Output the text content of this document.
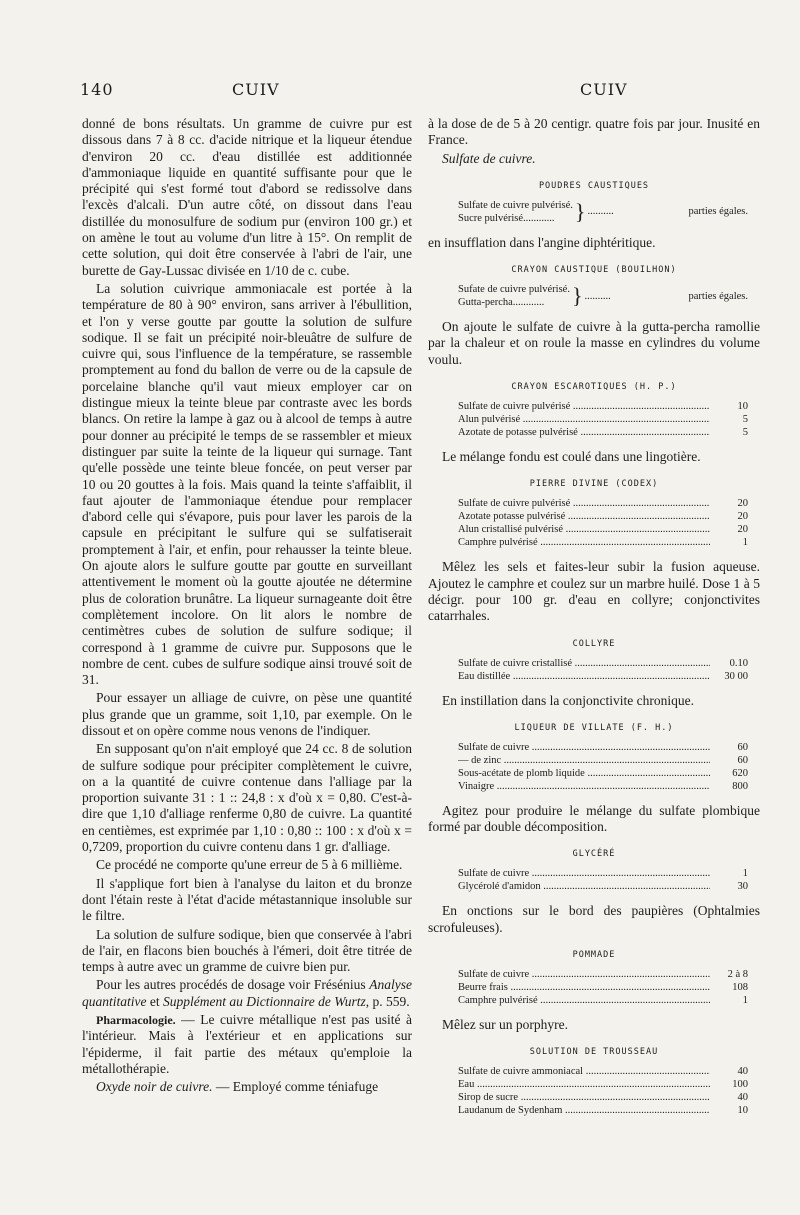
140	CUIV	CUIV

donné de bons résultats. Un gramme de cuivre pur est dissous dans 7 à 8 cc. d'acide nitrique et la liqueur étendue d'environ 20 cc. d'eau distillée est additionnée d'ammoniaque liquide en quantité suffisante pour que le précipité qui s'est formé tout d'abord se redissolve dans l'excès d'alcali. D'un autre côté, on dissout dans l'eau distillée du monosulfure de sodium pur (environ 100 gr.) et on amène le tout au volume d'un litre à 15°. On remplit de cette solution, qui doit être conservée à l'abri de l'air, une burette de Gay-Lussac divisée en 1/10 de c. cube.

La solution cuivrique ammoniacale est portée à la température de 80 à 90° environ, sans arriver à l'ébullition, et l'on y verse goutte par goutte la solution de sulfure sodique. Il se fait un précipité noir-bleuâtre de sulfure de cuivre qui, sous l'influence de la température, se rassemble promptement au fond du ballon de verre ou de la capsule de porcelaine blanche qu'il vaut mieux employer car on distingue mieux la teinte bleue par contraste avec les bords blancs. On retire la lampe à gaz ou à alcool de temps à autre pour donner au précipité le temps de se rassembler et mieux distinguer par suite la teinte de la liqueur qui surnage. Tant qu'elle possède une teinte bleue foncée, on peut verser par 10 ou 20 gouttes à la fois. Mais quand la teinte s'affaiblit, il faut ajouter de l'ammoniaque étendue pour remplacer d'abord celle qui s'évapore, puis pour laver les parois de la capsule en précipitant le sulfure qui se sulfatiserait promptement à l'air, et enfin, pour rehausser la teinte bleue. On ajoute alors le sulfure goutte par goutte en surveillant attentivement le moment où la goutte ajoutée ne détermine plus de coloration brunâtre. La liqueur surnageante doit être complètement incolore. On lit alors le nombre de centimètres cubes de solution de sulfure sodique; il correspond à 1 gramme de cuivre pur. Supposons que le nombre de cent. cubes de sulfure sodique ainsi trouvé soit de 31.

Pour essayer un alliage de cuivre, on pèse une quantité plus grande que un gramme, soit 1,10, par exemple. On le dissout et on opère comme nous venons de l'indiquer.

En supposant qu'on n'ait employé que 24 cc. 8 de solution de sulfure sodique pour précipiter complètement le cuivre, on a la quantité de cuivre contenue dans l'alliage par la proportion suivante 31 : 1 :: 24,8 : x d'où x = 0,80. C'est-à-dire que 1,10 d'alliage renferme 0,80 de cuivre. La quantité en centièmes, est exprimée par 1,10 : 0,80 :: 100 : x d'où x = 0,7209, proportion du cuivre contenu dans 1 gr. d'alliage.

Ce procédé ne comporte qu'une erreur de 5 à 6 millième.

Il s'applique fort bien à l'analyse du laiton et du bronze dont l'étain reste à l'état d'acide métastannique insoluble sur le filtre.

La solution de sulfure sodique, bien que conservée à l'abri de l'air, en flacons bien bouchés à l'émeri, doit être titrée de temps à autre avec un gramme de cuivre bien pur.

Pour les autres procédés de dosage voir Frésénius Analyse quantitative et Supplément au Dictionnaire de Wurtz, p. 559.

Pharmacologie. — Le cuivre métallique n'est pas usité à l'intérieur. Mais à l'extérieur et en applications sur l'épiderme, il fait partie des métaux qu'emploie la métallothérapie.

Oxyde noir de cuivre. — Employé comme téniafuge

à la dose de de 5 à 20 centigr. quatre fois par jour. Inusité en France.

Sulfate de cuivre.

POUDRES CAUSTIQUES
Sulfate de cuivre pulvérisé.
Sucre pulvérisé............ } ..........	parties égales.

en insufflation dans l'angine diphtéritique.

CRAYON CAUSTIQUE (BOUILHON)
Sufate de cuivre pulvérisé.
Gutta-percha............	} ..........	parties égales.

On ajoute le sulfate de cuivre à la gutta-percha ramollie par la chaleur et on roule la masse en cylindres du volume voulu.

CRAYON ESCAROTIQUES (H. P.)
Sulfate de cuivre pulvérisé .....	10
Alun pulvérisé .....	5
Azotate de potasse pulvérisé .....	5

Le mélange fondu est coulé dans une lingotière.

PIERRE DIVINE (CODEX)
Sulfate de cuivre pulvérisé .....	20
Azotate potasse pulvérisé .....	20
Alun cristallisé pulvérisé .....	20
Camphre pulvérisé .....	1

Mêlez les sels et faites-leur subir la fusion aqueuse. Ajoutez le camphre et coulez sur un marbre huilé. Dose 1 à 5 décigr. pour 100 gr. d'eau en collyre; conjonctivites catarrhales.

COLLYRE
Sulfate de cuivre cristallisé .....	0.10
Eau distillée .....	30 00

En instillation dans la conjonctivite chronique.

LIQUEUR DE VILLATE (F. H.)
Sulfate de cuivre .....	60
— de zinc .....	60
Sous-acétate de plomb liquide .....	620
Vinaigre .....	800

Agitez pour produire le mélange du sulfate plombique formé par double décomposition.

GLYCÉRÉ
Sulfate de cuivre .....	1
Glycérolé d'amidon .....	30

En onctions sur le bord des paupières (Ophtalmies scrofuleuses).

POMMADE
Sulfate de cuivre .....	2 à 8
Beurre frais .....	108
Camphre pulvérisé .....	1

Mêlez sur un porphyre.

SOLUTION DE TROUSSEAU
Sulfate de cuivre ammoniacal .....	40
Eau .....	100
Sirop de sucre .....	40
Laudanum de Sydenham .....	10
